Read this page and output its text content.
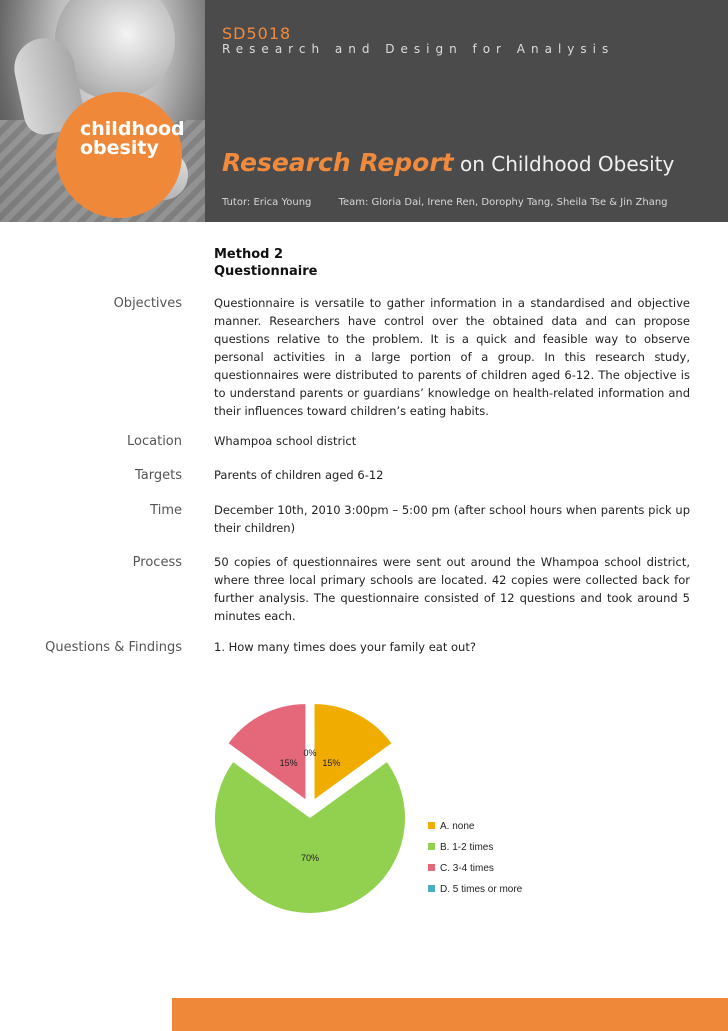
childhood
obesity
SD5018
Research and Design for Analysis
Research Report on Childhood Obesity
Tutor: Erica Young	Team: Gloria Dai, Irene Ren, Dorophy Tang, Sheila Tse & Jin Zhang
Method 2
Questionnaire
Objectives	Questionnaire is versatile to gather information in a standardised and objective manner. Researchers have control over the obtained data and can propose questions relative to the problem. It is a quick and feasible way to observe personal activities in a large portion of a group. In this research study, questionnaires were distributed to parents of children aged 6-12. The objective is to understand parents or guardians’ knowledge on health-related information and their influences toward children’s eating habits.
Location	Whampoa school district
Targets	Parents of children aged 6-12
Time	December 10th, 2010 3:00pm – 5:00 pm (after school hours when parents pick up their children)
Process	50 copies of questionnaires were sent out around the Whampoa school district, where three local primary schools are located. 42 copies were collected back for further analysis. The questionnaire consisted of 12 questions and took around 5 minutes each.
Questions & Findings	1. How many times does your family eat out?
15%
70%
15%
0%
A. none
B. 1-2 times
C. 3-4 times
D. 5 times or more
